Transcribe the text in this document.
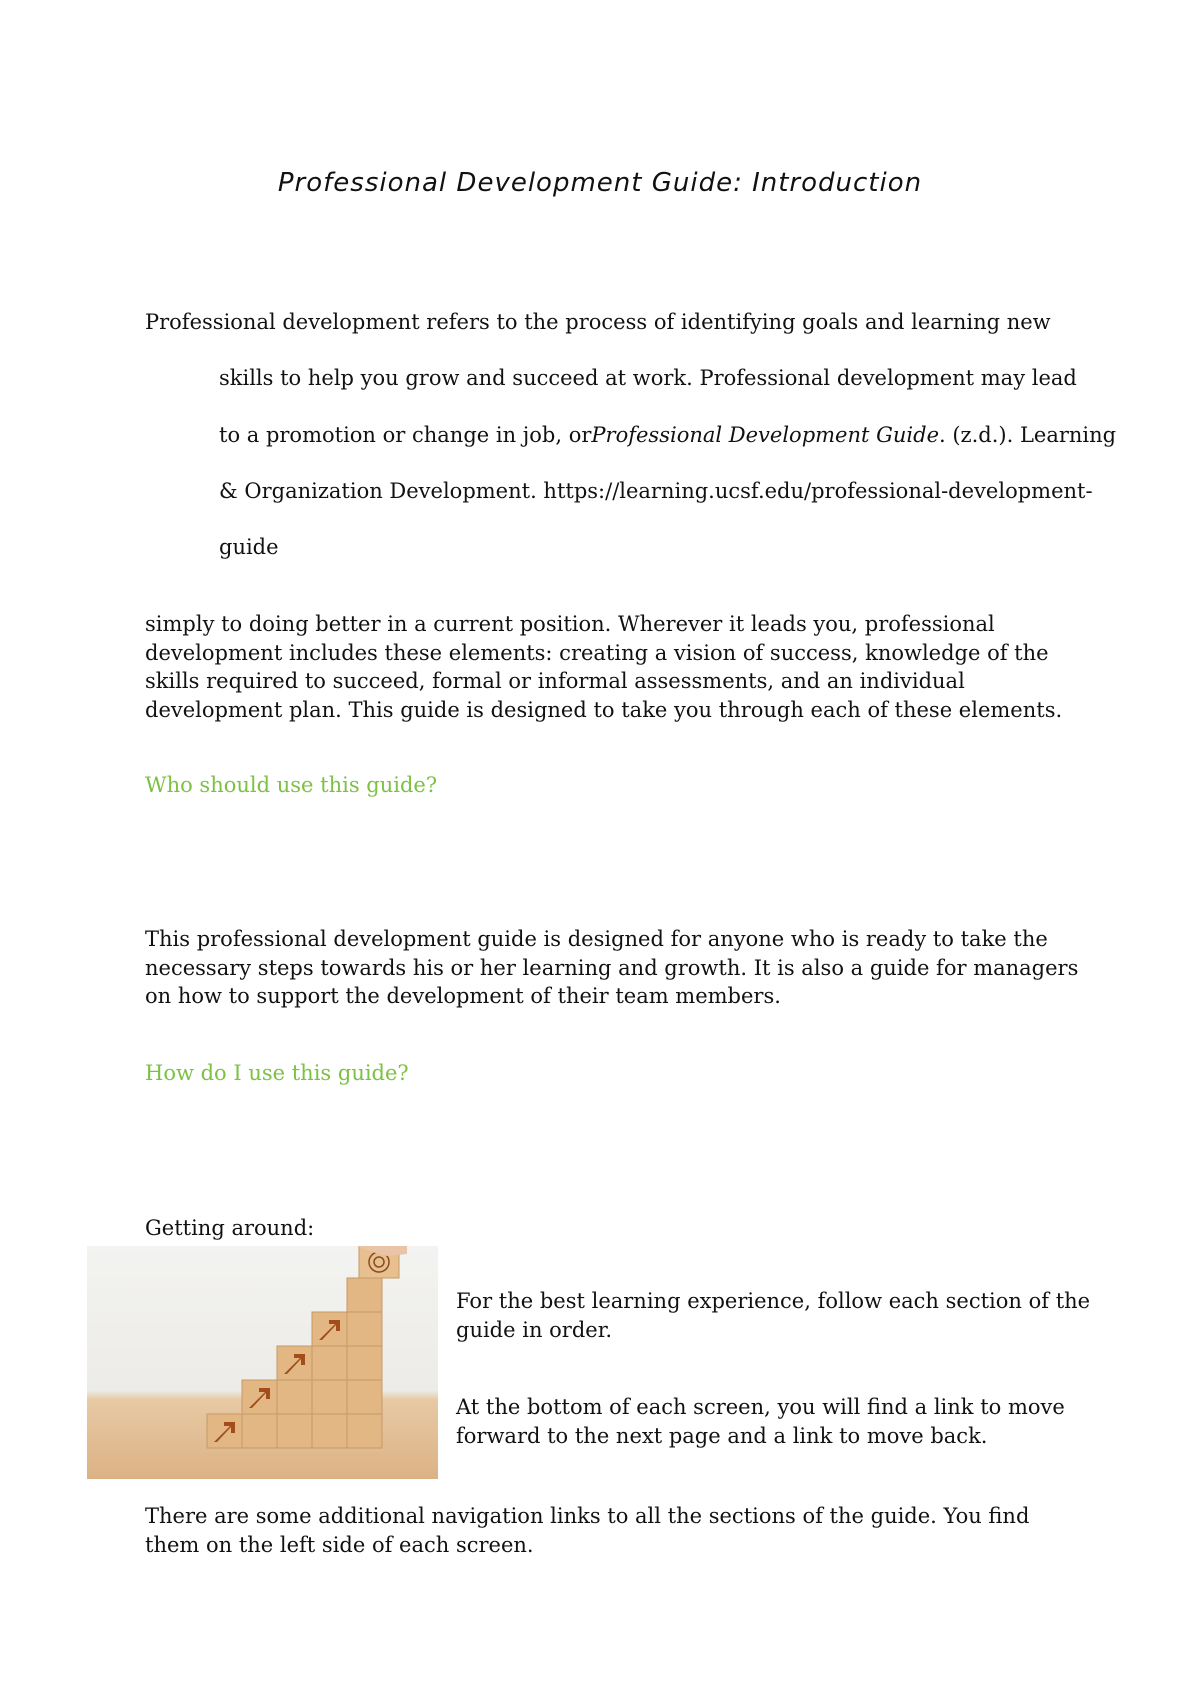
Professional Development Guide: Introduction
Professional development refers to the process of identifying goals and learning new
skills to help you grow and succeed at work. Professional development may lead
to a promotion or change in job, orProfessional Development Guide. (z.d.). Learning
& Organization Development. https://learning.ucsf.edu/professional-development-
guide
simply to doing better in a current position. Wherever it leads you, professional development includes these elements: creating a vision of success, knowledge of the skills required to succeed, formal or informal assessments, and an individual development plan. This guide is designed to take you through each of these elements.
Who should use this guide?
This professional development guide is designed for anyone who is ready to take the necessary steps towards his or her learning and growth. It is also a guide for managers on how to support the development of their team members.
How do I use this guide?
Getting around:
For the best learning experience, follow each section of the guide in order.
At the bottom of each screen, you will find a link to move forward to the next page and a link to move back.
There are some additional navigation links to all the sections of the guide. You find them on the left side of each screen.
